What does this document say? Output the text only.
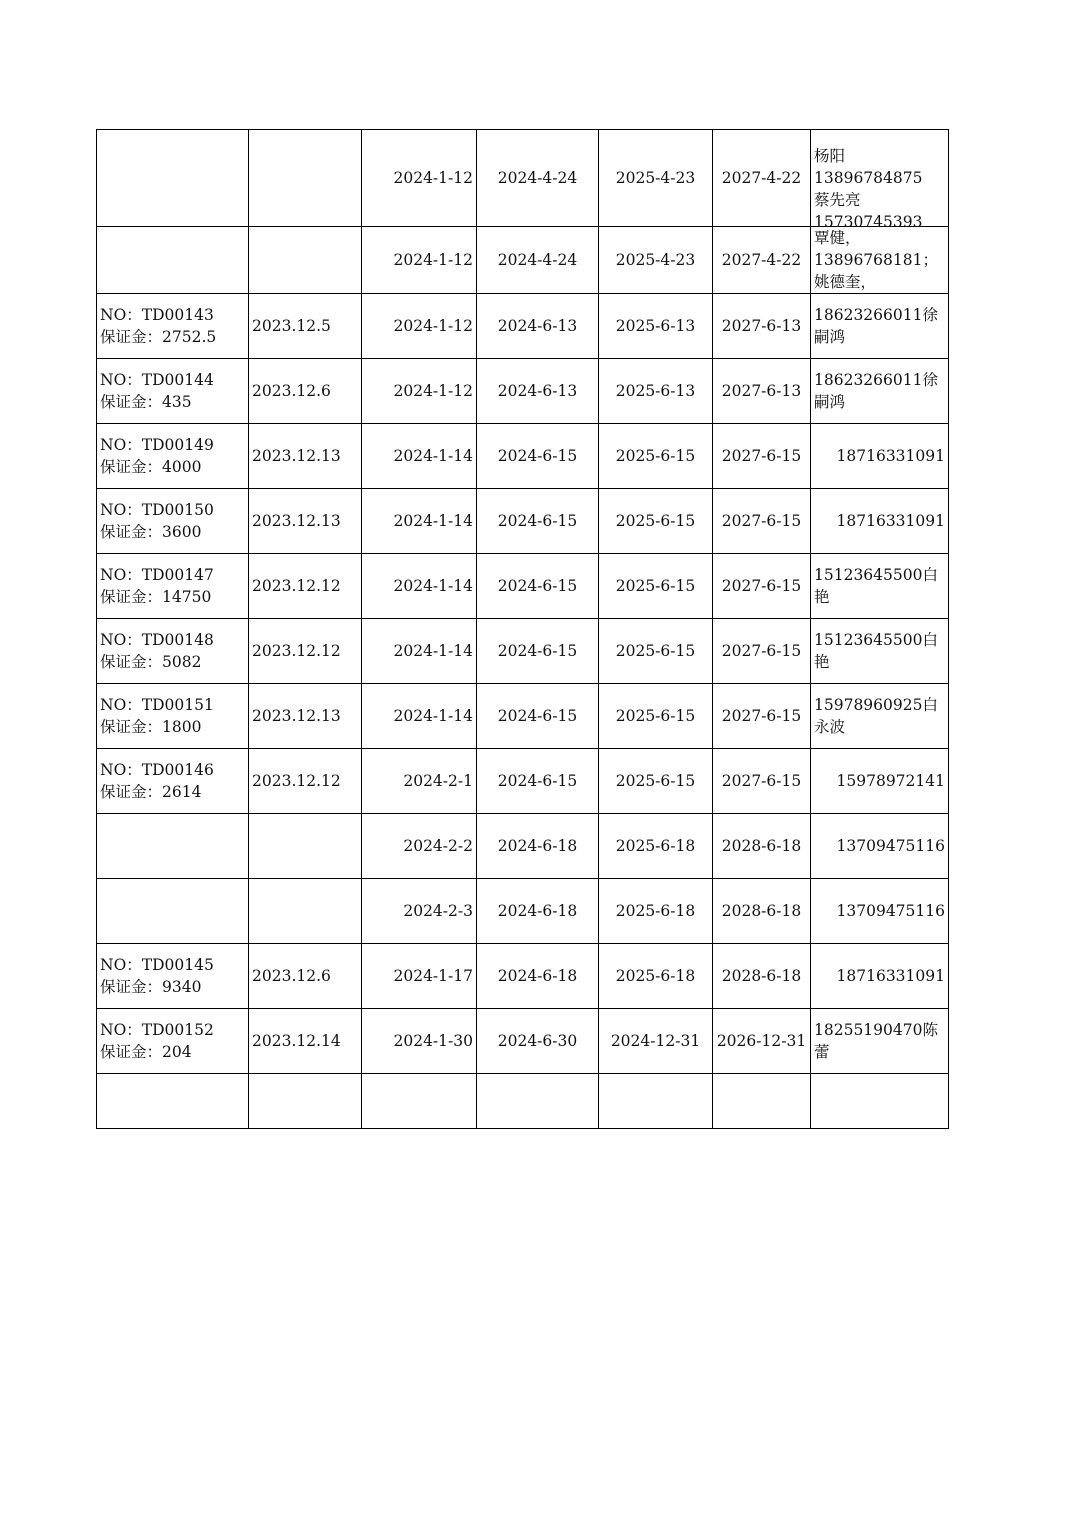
		2024-1-12	2024-4-24	2025-4-23	2027-4-22	杨阳
13896784875
蔡先亮
15730745393

		2024-1-12	2024-4-24	2025-4-23	2027-4-22	覃健，
13896768181；
姚德奎，

NO：TD00143
保证金：2752.5	2023.12.5	2024-1-12	2024-6-13	2025-6-13	2027-6-13	18623266011徐
嗣鸿

NO：TD00144
保证金：435	2023.12.6	2024-1-12	2024-6-13	2025-6-13	2027-6-13	18623266011徐
嗣鸿

NO：TD00149
保证金：4000	2023.12.13	2024-1-14	2024-6-15	2025-6-15	2027-6-15	18716331091

NO：TD00150
保证金：3600	2023.12.13	2024-1-14	2024-6-15	2025-6-15	2027-6-15	18716331091

NO：TD00147
保证金：14750	2023.12.12	2024-1-14	2024-6-15	2025-6-15	2027-6-15	15123645500白
艳

NO：TD00148
保证金：5082	2023.12.12	2024-1-14	2024-6-15	2025-6-15	2027-6-15	15123645500白
艳

NO：TD00151
保证金：1800	2023.12.13	2024-1-14	2024-6-15	2025-6-15	2027-6-15	15978960925白
永波

NO：TD00146
保证金：2614	2023.12.12	2024-2-1	2024-6-15	2025-6-15	2027-6-15	15978972141

		2024-2-2	2024-6-18	2025-6-18	2028-6-18	13709475116

		2024-2-3	2024-6-18	2025-6-18	2028-6-18	13709475116

NO：TD00145
保证金：9340	2023.12.6	2024-1-17	2024-6-18	2025-6-18	2028-6-18	18716331091

NO：TD00152
保证金：204	2023.12.14	2024-1-30	2024-6-30	2024-12-31	2026-12-31	18255190470陈
蕾
